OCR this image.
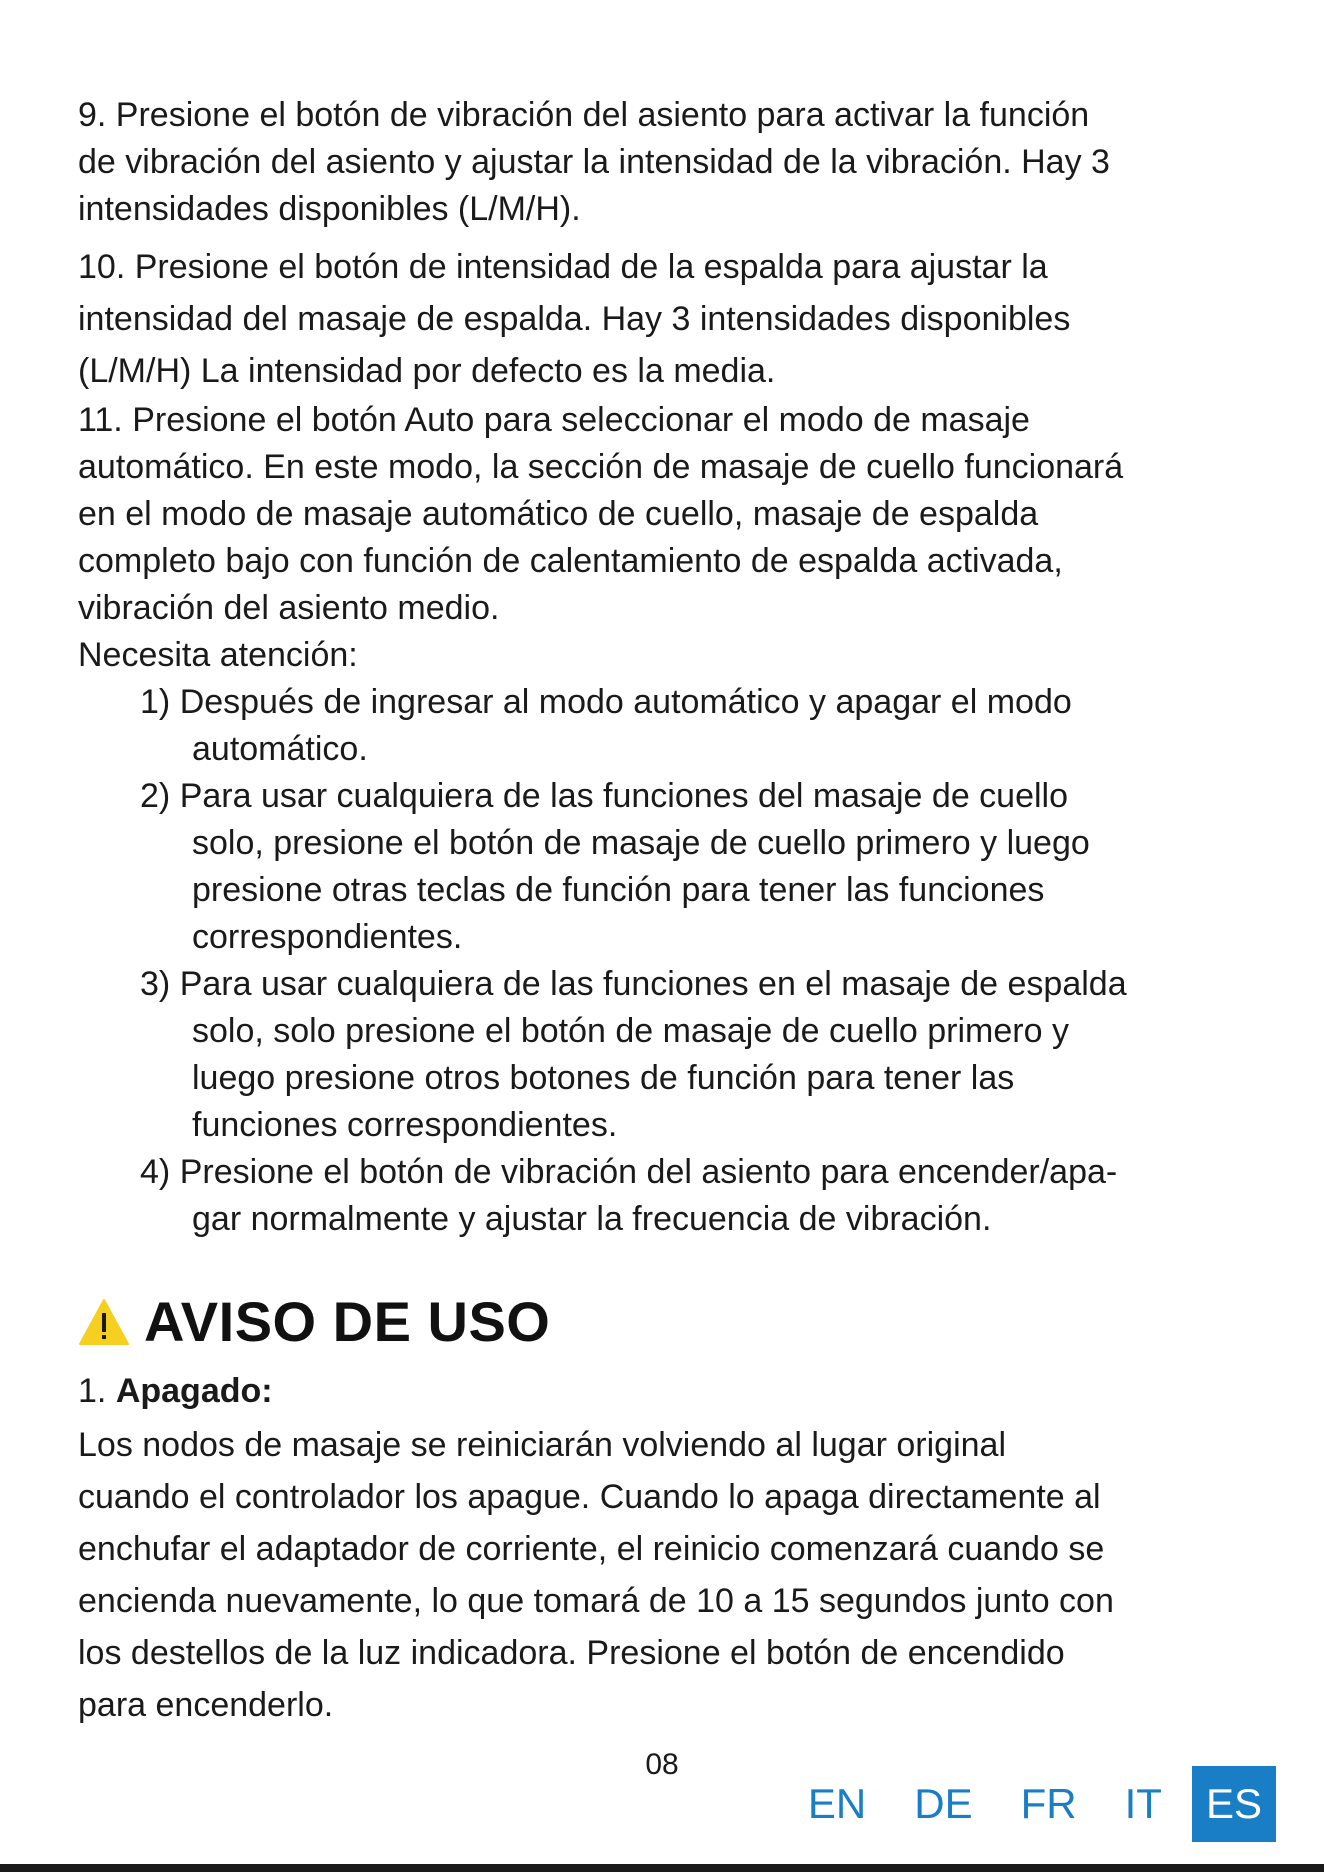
9. Presione el botón de vibración del asiento para activar la función
de vibración del asiento y ajustar la intensidad de la vibración. Hay 3
intensidades disponibles (L/M/H).

10. Presione el botón de intensidad de la espalda para ajustar la
intensidad del masaje de espalda. Hay 3 intensidades disponibles
(L/M/H) La intensidad por defecto es la media.

11. Presione el botón Auto para seleccionar el modo de masaje
automático. En este modo, la sección de masaje de cuello funcionará
en el modo de masaje automático de cuello, masaje de espalda
completo bajo con función de calentamiento de espalda activada,
vibración del asiento medio.

Necesita atención:

1) Después de ingresar al modo automático y apagar el modo
automático.
2) Para usar cualquiera de las funciones del masaje de cuello
solo, presione el botón de masaje de cuello primero y luego
presione otras teclas de función para tener las funciones
correspondientes.
3) Para usar cualquiera de las funciones en el masaje de espalda
solo, solo presione el botón de masaje de cuello primero y
luego presione otros botones de función para tener las
funciones correspondientes.
4) Presione el botón de vibración del asiento para encender/apa-
gar normalmente y ajustar la frecuencia de vibración.
AVISO DE USO

1. Apagado:

Los nodos de masaje se reiniciarán volviendo al lugar original
cuando el controlador los apague. Cuando lo apaga directamente al
enchufar el adaptador de corriente, el reinicio comenzará cuando se
encienda nuevamente, lo que tomará de 10 a 15 segundos junto con
los destellos de la luz indicadora. Presione el botón de encendido
para encenderlo.

08
EN	DE	FR	IT	ES
